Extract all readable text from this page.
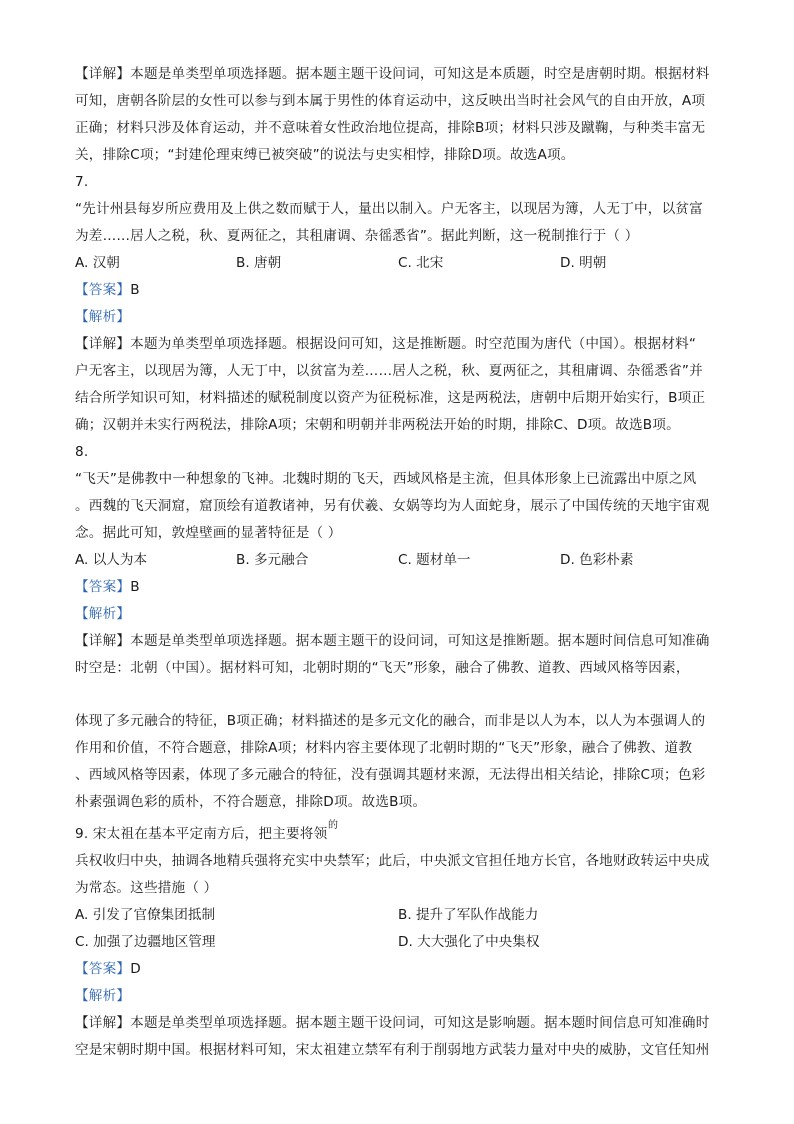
【详解】本题是单类型单项选择题。据本题主题干设问词，可知这是本质题，时空是唐朝时期。根据材料
可知，唐朝各阶层的女性可以参与到本属于男性的体育运动中，这反映出当时社会风气的自由开放，A项
正确；材料只涉及体育运动，并不意味着女性政治地位提高，排除B项；材料只涉及蹴鞠，与种类丰富无
关，排除C项；“封建伦理束缚已被突破”的说法与史实相悖，排除D项。故选A项。
7.
“先计州县每岁所应费用及上供之数而赋于人，量出以制入。户无客主，以现居为簿，人无丁中，以贫富
为差……居人之税，秋、夏两征之，其租庸调、杂徭悉省”。据此判断，这一税制推行于（ ）
A. 汉朝	B. 唐朝	C. 北宋	D. 明朝
【答案】B
【解析】
【详解】本题为单类型单项选择题。根据设问可知，这是推断题。时空范围为唐代（中国）。根据材料“
户无客主，以现居为簿，人无丁中，以贫富为差……居人之税，秋、夏两征之，其租庸调、杂徭悉省”并
结合所学知识可知，材料描述的赋税制度以资产为征税标准，这是两税法，唐朝中后期开始实行，B项正
确；汉朝并未实行两税法，排除A项；宋朝和明朝并非两税法开始的时期，排除C、D项。故选B项。
8.
“飞天”是佛教中一种想象的飞神。北魏时期的飞天，西域风格是主流，但具体形象上已流露出中原之风
。西魏的飞天洞窟，窟顶绘有道教诸神，另有伏羲、女娲等均为人面蛇身，展示了中国传统的天地宇宙观
念。据此可知，敦煌壁画的显著特征是（ ）
A. 以人为本	B. 多元融合	C. 题材单一	D. 色彩朴素
【答案】B
【解析】
【详解】本题是单类型单项选择题。据本题主题干的设问词，可知这是推断题。据本题时间信息可知准确
时空是：北朝（中国）。据材料可知，北朝时期的“飞天”形象，融合了佛教、道教、西域风格等因素，
体现了多元融合的特征，B项正确；材料描述的是多元文化的融合，而非是以人为本，以人为本强调人的
作用和价值，不符合题意，排除A项；材料内容主要体现了北朝时期的“飞天”形象，融合了佛教、道教
、西域风格等因素，体现了多元融合的特征，没有强调其题材来源，无法得出相关结论，排除C项；色彩
朴素强调色彩的质朴，不符合题意，排除D项。故选B项。
9. 宋太祖在基本平定南方后，把主要将领
的
兵权收归中央，抽调各地精兵强将充实中央禁军；此后，中央派文官担任地方长官，各地财政转运中央成
为常态。这些措施（ ）
A. 引发了官僚集团抵制	B. 提升了军队作战能力
C. 加强了边疆地区管理	D. 大大强化了中央集权
【答案】D
【解析】
【详解】本题是单类型单项选择题。据本题主题干设问词，可知这是影响题。据本题时间信息可知准确时
空是宋朝时期中国。根据材料可知，宋太祖建立禁军有利于削弱地方武装力量对中央的威胁，文官任知州
